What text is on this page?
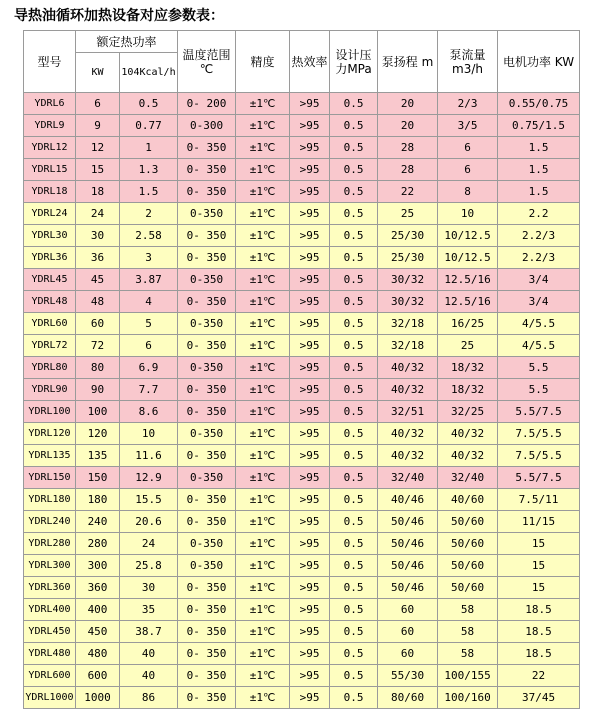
导热油循环加热设备对应参数表：
型号	额定热功率		温度范围 ℃	精度	热效率	设计压力MPa	泵扬程 m	泵流量 m3/h	电机功率 KW
	KW	104Kcal/h							
YDRL6	6	0.5	0- 200	±1℃	>95	0.5	20	2/3	0.55/0.75
YDRL9	9	0.77	0-300	±1℃	>95	0.5	20	3/5	0.75/1.5
YDRL12	12	1	0- 350	±1℃	>95	0.5	28	6	1.5
YDRL15	15	1.3	0- 350	±1℃	>95	0.5	28	6	1.5
YDRL18	18	1.5	0- 350	±1℃	>95	0.5	22	8	1.5
YDRL24	24	2	0-350	±1℃	>95	0.5	25	10	2.2
YDRL30	30	2.58	0- 350	±1℃	>95	0.5	25/30	10/12.5	2.2/3
YDRL36	36	3	0- 350	±1℃	>95	0.5	25/30	10/12.5	2.2/3
YDRL45	45	3.87	0-350	±1℃	>95	0.5	30/32	12.5/16	3/4
YDRL48	48	4	0- 350	±1℃	>95	0.5	30/32	12.5/16	3/4
YDRL60	60	5	0-350	±1℃	>95	0.5	32/18	16/25	4/5.5
YDRL72	72	6	0- 350	±1℃	>95	0.5	32/18	25	4/5.5
YDRL80	80	6.9	0-350	±1℃	>95	0.5	40/32	18/32	5.5
YDRL90	90	7.7	0- 350	±1℃	>95	0.5	40/32	18/32	5.5
YDRL100	100	8.6	0- 350	±1℃	>95	0.5	32/51	32/25	5.5/7.5
YDRL120	120	10	0-350	±1℃	>95	0.5	40/32	40/32	7.5/5.5
YDRL135	135	11.6	0- 350	±1℃	>95	0.5	40/32	40/32	7.5/5.5
YDRL150	150	12.9	0-350	±1℃	>95	0.5	32/40	32/40	5.5/7.5
YDRL180	180	15.5	0- 350	±1℃	>95	0.5	40/46	40/60	7.5/11
YDRL240	240	20.6	0- 350	±1℃	>95	0.5	50/46	50/60	11/15
YDRL280	280	24	0-350	±1℃	>95	0.5	50/46	50/60	15
YDRL300	300	25.8	0-350	±1℃	>95	0.5	50/46	50/60	15
YDRL360	360	30	0- 350	±1℃	>95	0.5	50/46	50/60	15
YDRL400	400	35	0- 350	±1℃	>95	0.5	60	58	18.5
YDRL450	450	38.7	0- 350	±1℃	>95	0.5	60	58	18.5
YDRL480	480	40	0- 350	±1℃	>95	0.5	60	58	18.5
YDRL600	600	40	0- 350	±1℃	>95	0.5	55/30	100/155	22
YDRL1000	1000	86	0- 350	±1℃	>95	0.5	80/60	100/160	37/45
